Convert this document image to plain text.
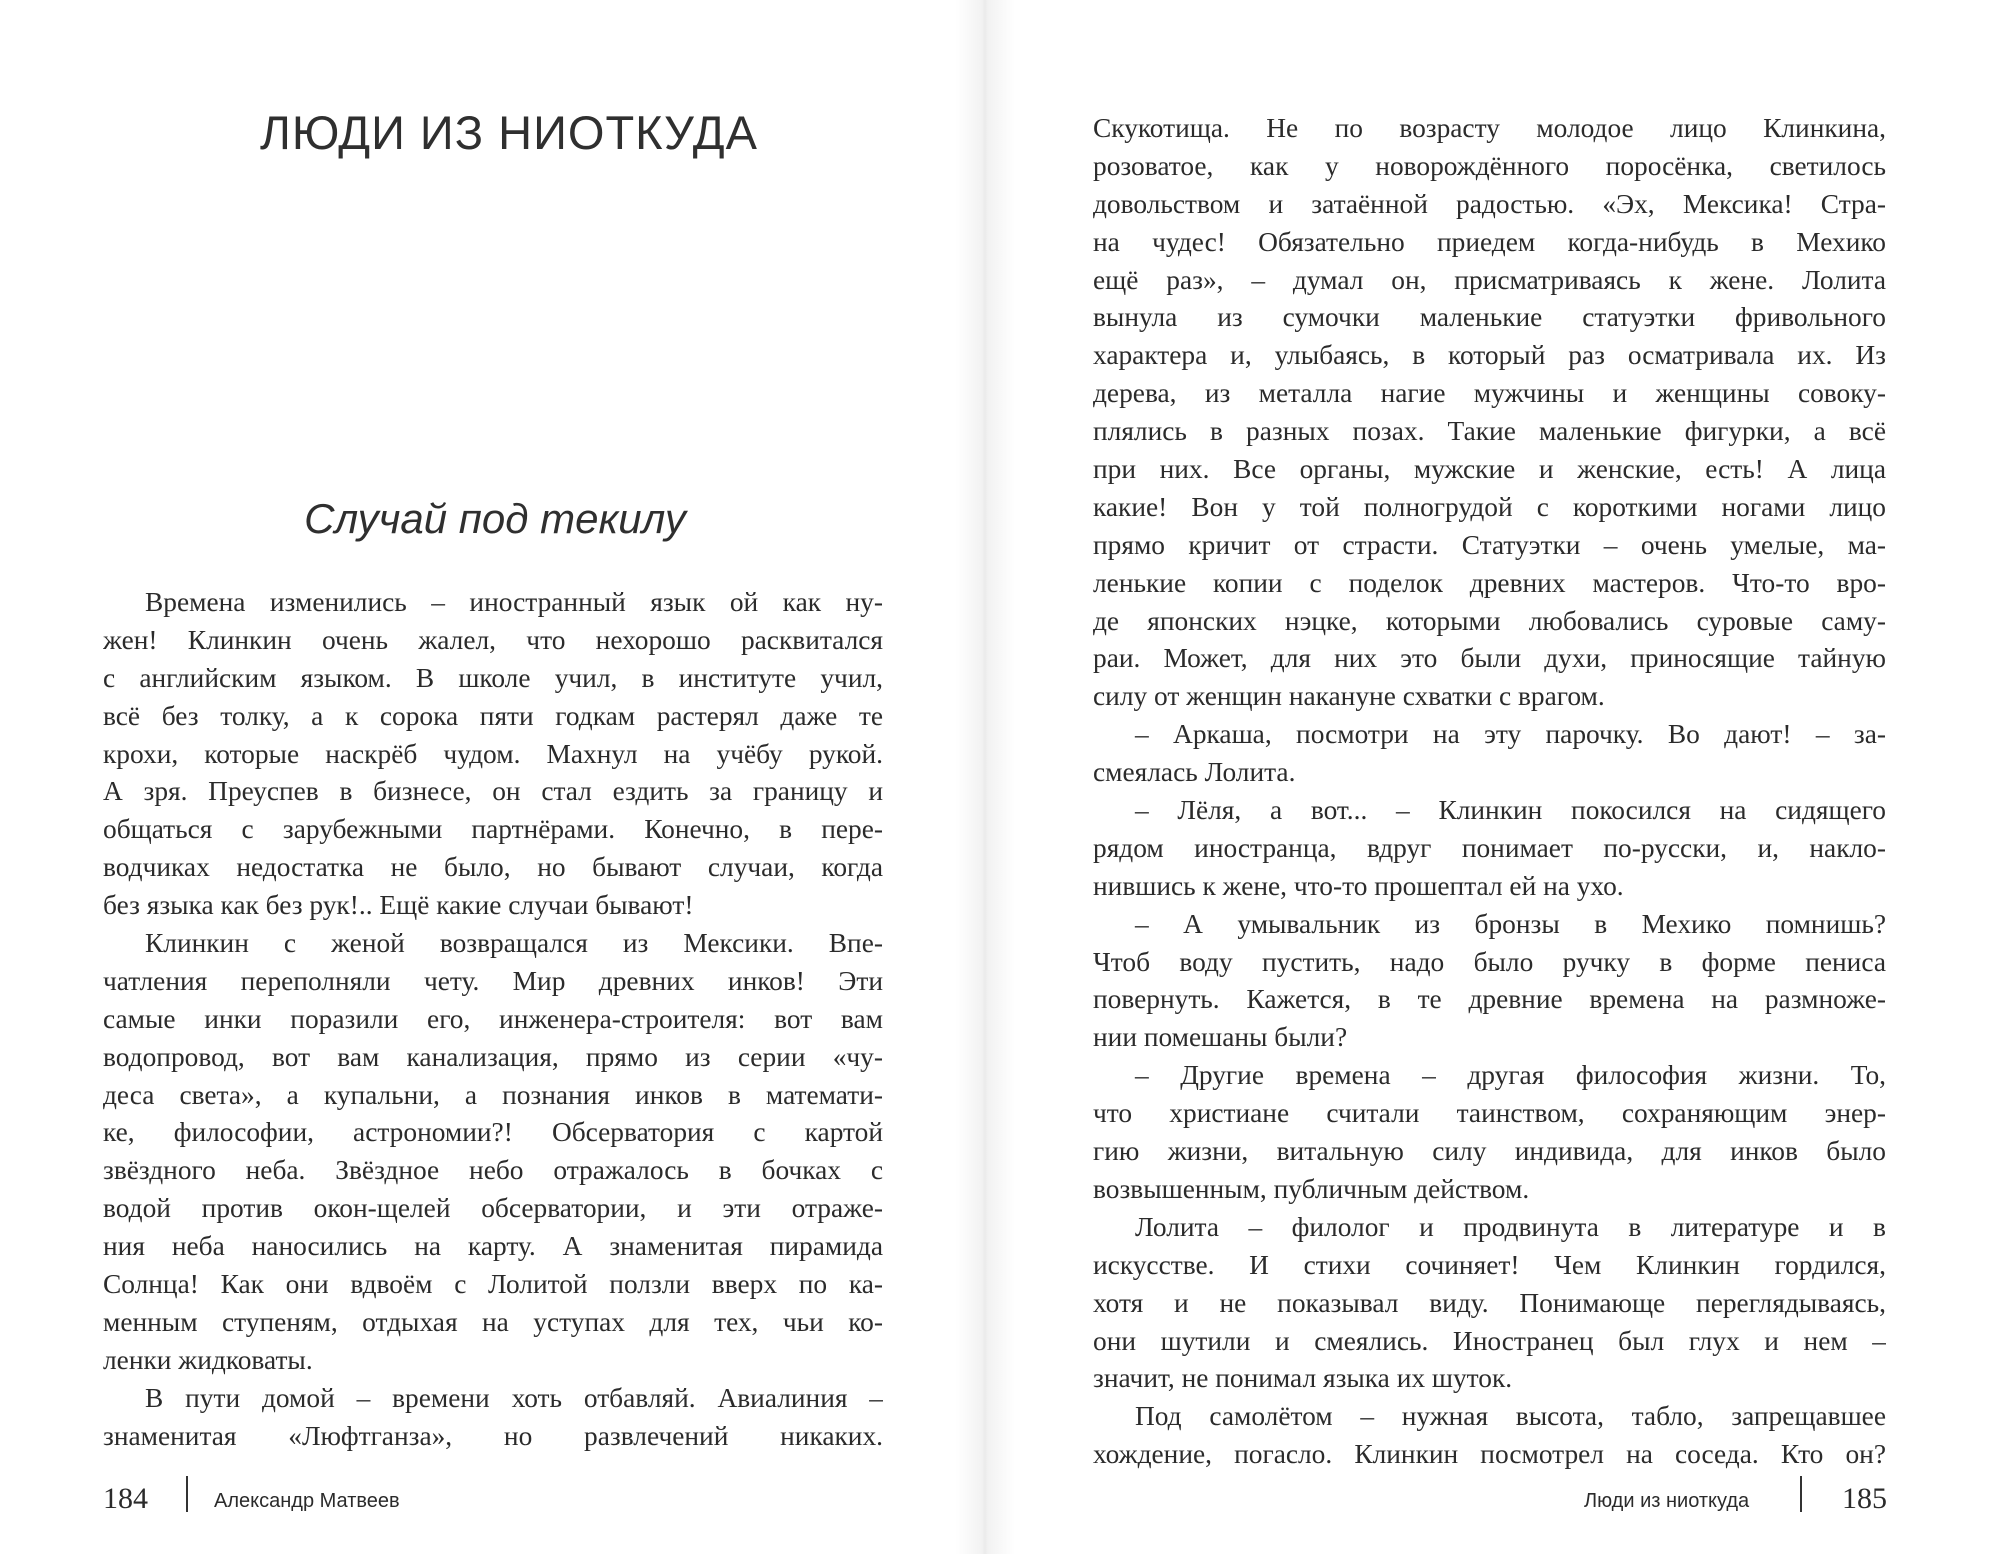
ЛЮДИ ИЗ НИОТКУДА
Случай под текилу
Времена изменились – иностранный язык ой как ну-
жен! Клинкин очень жалел, что нехорошо расквитался
с английским языком. В школе учил, в институте учил,
всё без толку, а к сорока пяти годкам растерял даже те
крохи, которые наскрёб чудом. Махнул на учёбу рукой.
А зря. Преуспев в бизнесе, он стал ездить за границу и
общаться с зарубежными партнёрами. Конечно, в пере-
водчиках недостатка не было, но бывают случаи, когда
без языка как без рук!.. Ещё какие случаи бывают!
Клинкин с женой возвращался из Мексики. Впе-
чатления переполняли чету. Мир древних инков! Эти
самые инки поразили его, инженера-строителя: вот вам
водопровод, вот вам канализация, прямо из серии «чу-
деса света», а купальни, а познания инков в математи-
ке, философии, астрономии?! Обсерватория с картой
звёздного неба. Звёздное небо отражалось в бочках с
водой против окон-щелей обсерватории, и эти отраже-
ния неба наносились на карту. А знаменитая пирамида
Солнца! Как они вдвоём с Лолитой ползли вверх по ка-
менным ступеням, отдыхая на уступах для тех, чьи ко-
ленки жидковаты.
В пути домой – времени хоть отбавляй. Авиалиния –
знаменитая «Люфтганза», но развлечений никаких.
Скукотища. Не по возрасту молодое лицо Клинкина,
розоватое, как у новорождённого поросёнка, светилось
довольством и затаённой радостью. «Эх, Мексика! Стра-
на чудес! Обязательно приедем когда-нибудь в Мехико
ещё раз», – думал он, присматриваясь к жене. Лолита
вынула из сумочки маленькие статуэтки фривольного
характера и, улыбаясь, в который раз осматривала их. Из
дерева, из металла нагие мужчины и женщины совоку-
плялись в разных позах. Такие маленькие фигурки, а всё
при них. Все органы, мужские и женские, есть! А лица
какие! Вон у той полногрудой с короткими ногами лицо
прямо кричит от страсти. Статуэтки – очень умелые, ма-
ленькие копии с поделок древних мастеров. Что-то вро-
де японских нэцке, которыми любовались суровые саму-
раи. Может, для них это были духи, приносящие тайную
силу от женщин накануне схватки с врагом.
– Аркаша, посмотри на эту парочку. Во дают! – за-
смеялась Лолита.
– Лёля, а вот... – Клинкин покосился на сидящего
рядом иностранца, вдруг понимает по-русски, и, накло-
нившись к жене, что-то прошептал ей на ухо.
– А умывальник из бронзы в Мехико помнишь?
Чтоб воду пустить, надо было ручку в форме пениса
повернуть. Кажется, в те древние времена на размноже-
нии помешаны были?
– Другие времена – другая философия жизни. То,
что христиане считали таинством, сохраняющим энер-
гию жизни, витальную силу индивида, для инков было
возвышенным, публичным действом.
Лолита – филолог и продвинута в литературе и в
искусстве. И стихи сочиняет! Чем Клинкин гордился,
хотя и не показывал виду. Понимающе переглядываясь,
они шутили и смеялись. Иностранец был глух и нем –
значит, не понимал языка их шуток.
Под самолётом – нужная высота, табло, запрещавшее
хождение, погасло. Клинкин посмотрел на соседа. Кто он?
184	Александр Матвеев	Люди из ниоткуда	185
